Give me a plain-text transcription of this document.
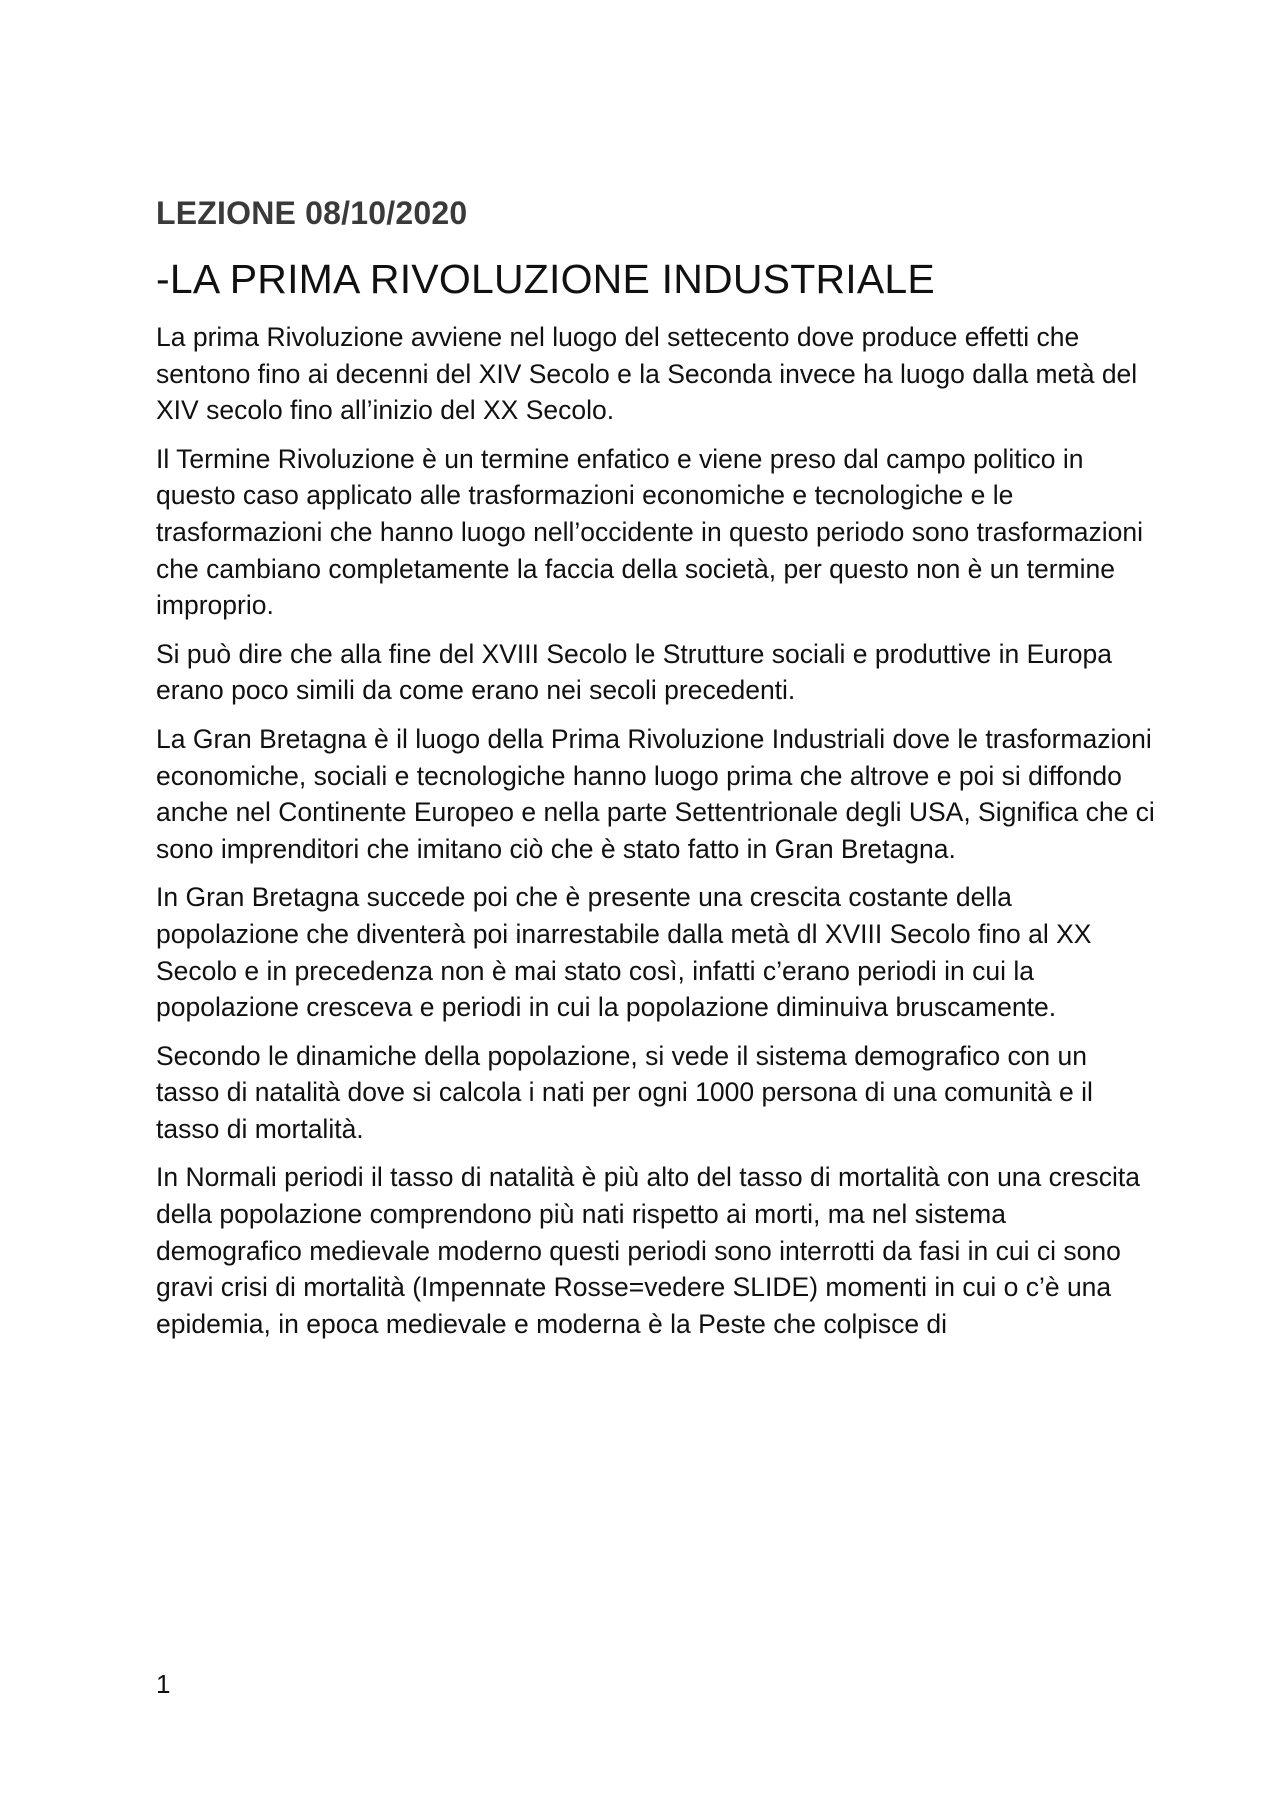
LEZIONE 08/10/2020
-LA PRIMA RIVOLUZIONE INDUSTRIALE

La prima Rivoluzione avviene nel luogo del settecento dove produce effetti che sentono fino ai decenni del XIV Secolo e la Seconda invece ha luogo dalla metà del XIV secolo fino all’inizio del XX Secolo.

Il Termine Rivoluzione è un termine enfatico e viene preso dal campo politico in questo caso applicato alle trasformazioni economiche e tecnologiche e le trasformazioni che hanno luogo nell’occidente in questo periodo sono trasformazioni che cambiano completamente la faccia della società, per questo non è un termine improprio.

Si può dire che alla fine del XVIII Secolo le Strutture sociali e produttive in Europa erano poco simili da come erano nei secoli precedenti.

La Gran Bretagna è il luogo della Prima Rivoluzione Industriali dove le trasformazioni economiche, sociali e tecnologiche hanno luogo prima che altrove e poi si diffondo anche nel Continente Europeo e nella parte Settentrionale degli USA, Significa che ci sono imprenditori che imitano ciò che è stato fatto in Gran Bretagna.

In Gran Bretagna succede poi che è presente una crescita costante della popolazione che diventerà poi inarrestabile dalla metà dl XVIII Secolo fino al XX Secolo e in precedenza non è mai stato così, infatti c’erano periodi in cui la popolazione cresceva e periodi in cui la popolazione diminuiva bruscamente.

Secondo le dinamiche della popolazione, si vede il sistema demografico con un tasso di natalità dove si calcola i nati per ogni 1000 persona di una comunità e il tasso di mortalità.

In Normali periodi il tasso di natalità è più alto del tasso di mortalità con una crescita della popolazione comprendono più nati rispetto ai morti, ma nel sistema demografico medievale moderno questi periodi sono interrotti da fasi in cui ci sono gravi crisi di mortalità (Impennate Rosse=vedere SLIDE) momenti in cui o c’è una epidemia, in epoca medievale e moderna è la Peste che colpisce di

1
